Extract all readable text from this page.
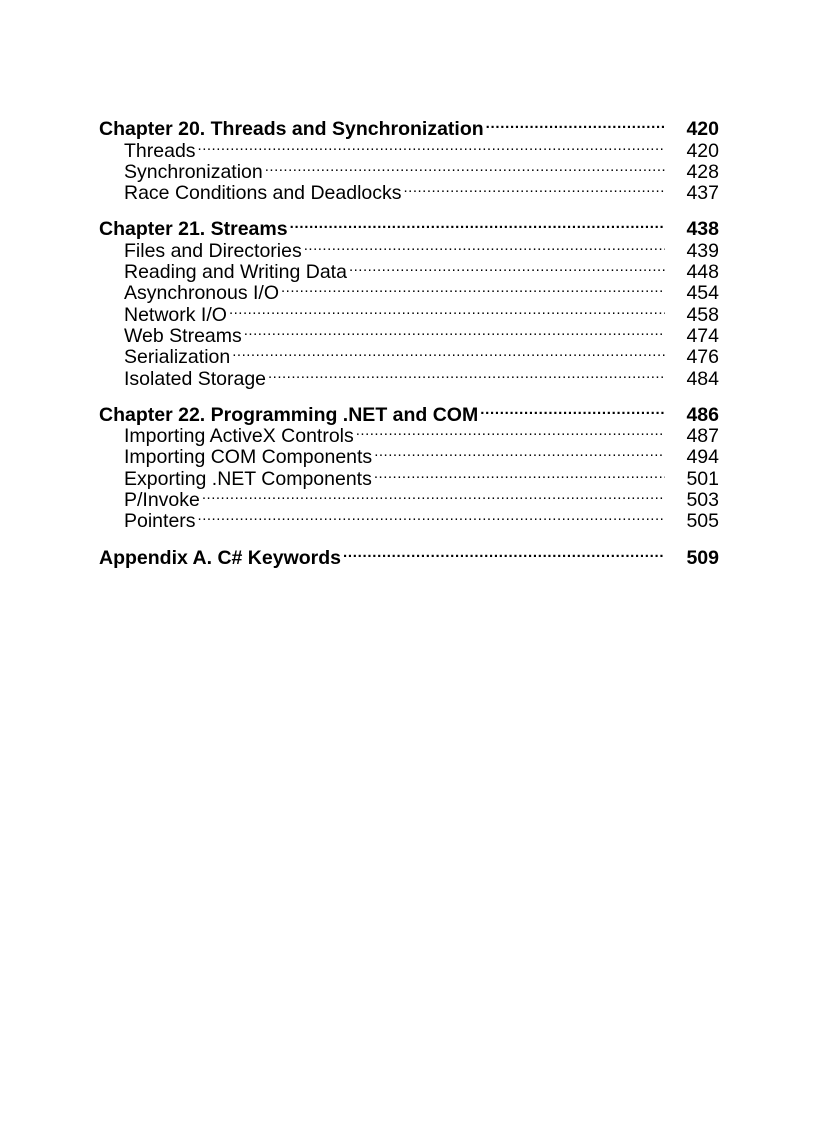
Chapter 20. Threads and Synchronization .....	420
Threads .....	420
Synchronization .....	428
Race Conditions and Deadlocks .....	437
Chapter 21. Streams .....	438
Files and Directories .....	439
Reading and Writing Data .....	448
Asynchronous I/O .....	454
Network I/O .....	458
Web Streams .....	474
Serialization .....	476
Isolated Storage .....	484
Chapter 22. Programming .NET and COM .....	486
Importing ActiveX Controls .....	487
Importing COM Components .....	494
Exporting .NET Components .....	501
P/Invoke .....	503
Pointers .....	505
Appendix A. C# Keywords .....	509
